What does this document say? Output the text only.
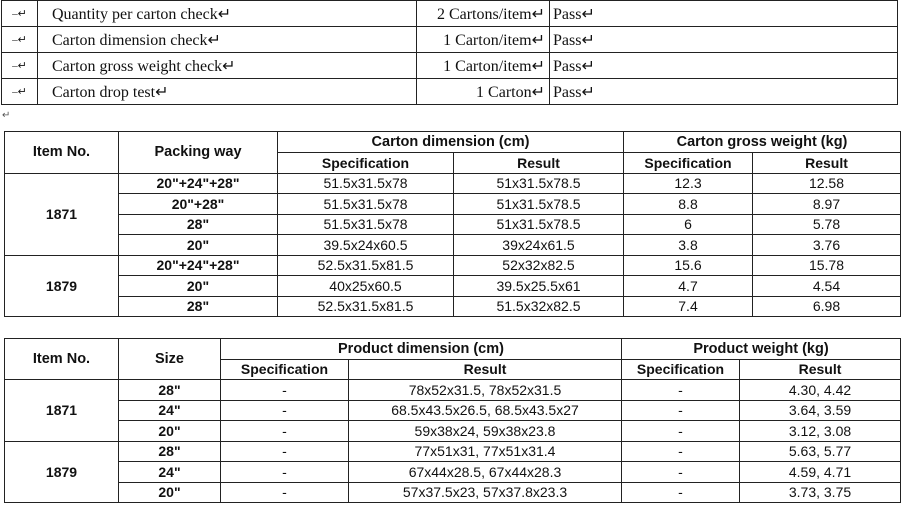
–↵	Quantity per carton check↵	2 Cartons/item↵	Pass↵
–↵	Carton dimension check↵	1 Carton/item↵	Pass↵
–↵	Carton gross weight check↵	1 Carton/item↵	Pass↵
–↵	Carton drop test↵	1 Carton↵	Pass↵
↵
Item No.	Packing way	Carton dimension (cm)		Carton gross weight (kg)	
		Specification	Result	Specification	Result
1871	20"+24"+28"	51.5x31.5x78	51x31.5x78.5	12.3	12.58
	20"+28"	51.5x31.5x78	51x31.5x78.5	8.8	8.97
	28"	51.5x31.5x78	51x31.5x78.5	6	5.78
	20"	39.5x24x60.5	39x24x61.5	3.8	3.76
1879	20"+24"+28"	52.5x31.5x81.5	52x32x82.5	15.6	15.78
	20"	40x25x60.5	39.5x25.5x61	4.7	4.54
	28"	52.5x31.5x81.5	51.5x32x82.5	7.4	6.98
Item No.	Size	Product dimension (cm)		Product weight (kg)	
		Specification	Result	Specification	Result
1871	28"	-	78x52x31.5, 78x52x31.5	-	4.30, 4.42
	24"	-	68.5x43.5x26.5, 68.5x43.5x27	-	3.64, 3.59
	20"	-	59x38x24, 59x38x23.8	-	3.12, 3.08
1879	28"	-	77x51x31, 77x51x31.4	-	5.63, 5.77
	24"	-	67x44x28.5, 67x44x28.3	-	4.59, 4.71
	20"	-	57x37.5x23, 57x37.8x23.3	-	3.73, 3.75
